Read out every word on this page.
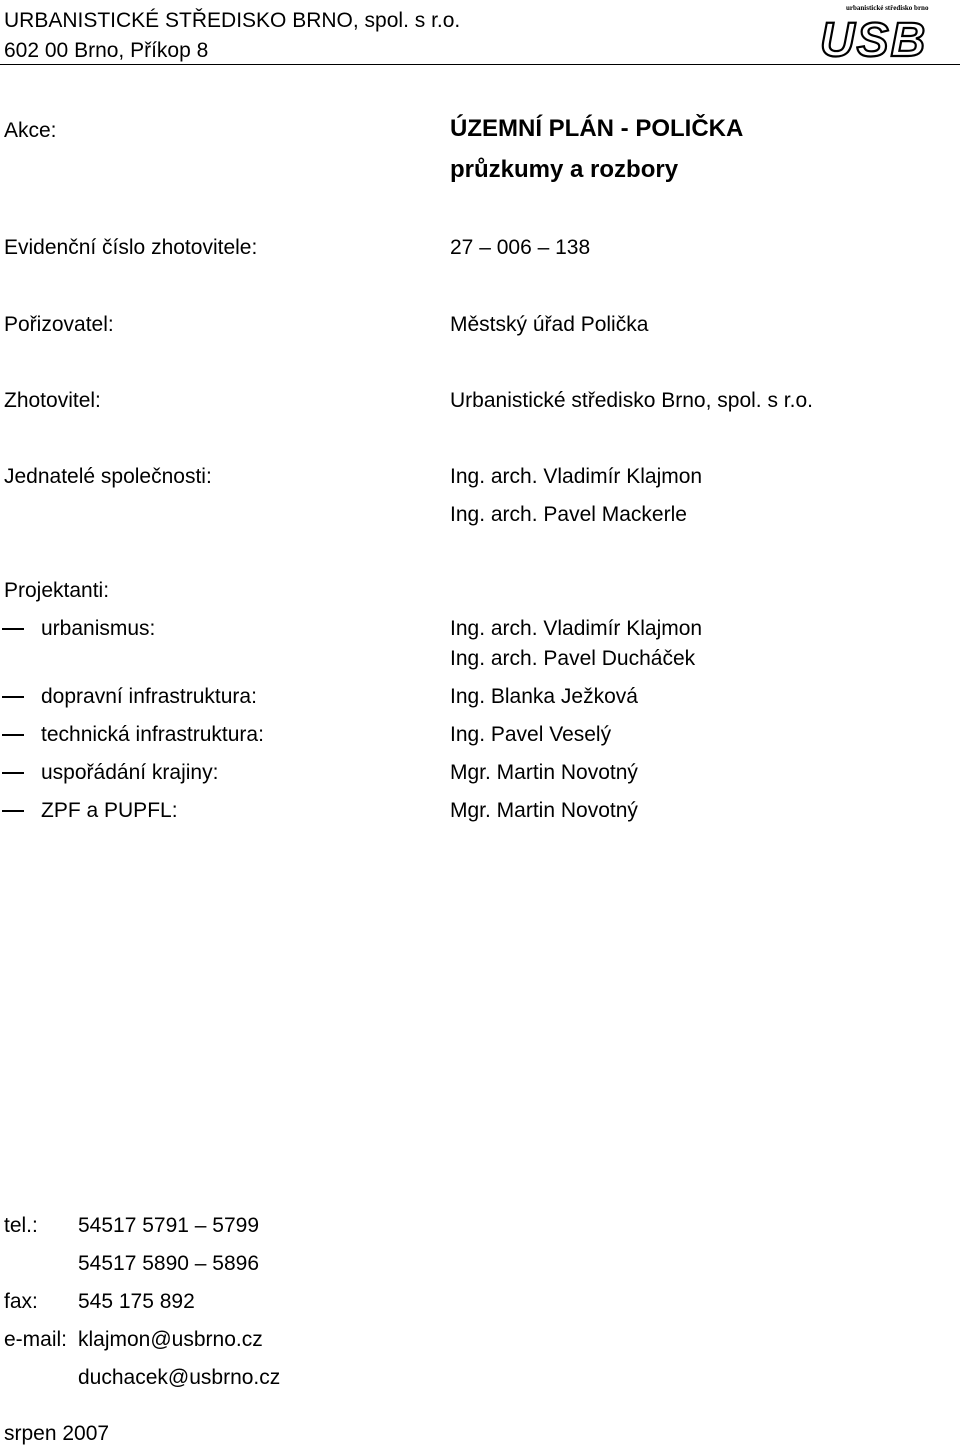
URBANISTICKÉ STŘEDISKO BRNO, spol. s r.o.
602 00 Brno, Příkop 8
urbanistické středisko brno
USB
Akce:	ÚZEMNÍ PLÁN - POLIČKA
průzkumy a rozbory
Evidenční číslo zhotovitele:	27 – 006 – 138
Pořizovatel:	Městský úřad Polička
Zhotovitel:	Urbanistické středisko Brno, spol. s r.o.
Jednatelé společnosti:	Ing. arch. Vladimír Klajmon
Ing. arch. Pavel Mackerle
Projektanti:
urbanismus:	Ing. arch. Vladimír Klajmon
Ing. arch. Pavel Ducháček
dopravní infrastruktura:	Ing. Blanka Ježková
technická infrastruktura:	Ing. Pavel Veselý
uspořádání krajiny:	Mgr. Martin Novotný
ZPF a PUPFL:	Mgr. Martin Novotný
tel.: 54517 5791 – 5799
54517 5890 – 5896
fax: 545 175 892
e-mail: klajmon@usbrno.cz
duchacek@usbrno.cz
srpen 2007
